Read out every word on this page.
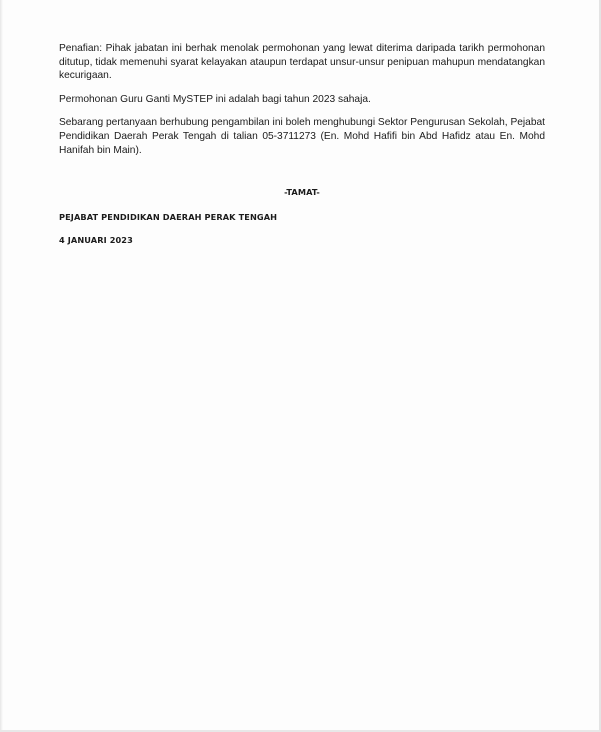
Penafian: Pihak jabatan ini berhak menolak permohonan yang lewat diterima daripada tarikh permohonan ditutup, tidak memenuhi syarat kelayakan ataupun terdapat unsur-unsur penipuan mahupun mendatangkan kecurigaan.

Permohonan Guru Ganti MySTEP ini adalah bagi tahun 2023 sahaja.

Sebarang pertanyaan berhubung pengambilan ini boleh menghubungi Sektor Pengurusan Sekolah, Pejabat Pendidikan Daerah Perak Tengah di talian 05-3711273 (En. Mohd Hafifi bin Abd Hafidz atau En. Mohd Hanifah bin Main).

-TAMAT-
PEJABAT PENDIDIKAN DAERAH PERAK TENGAH
4 JANUARI 2023
